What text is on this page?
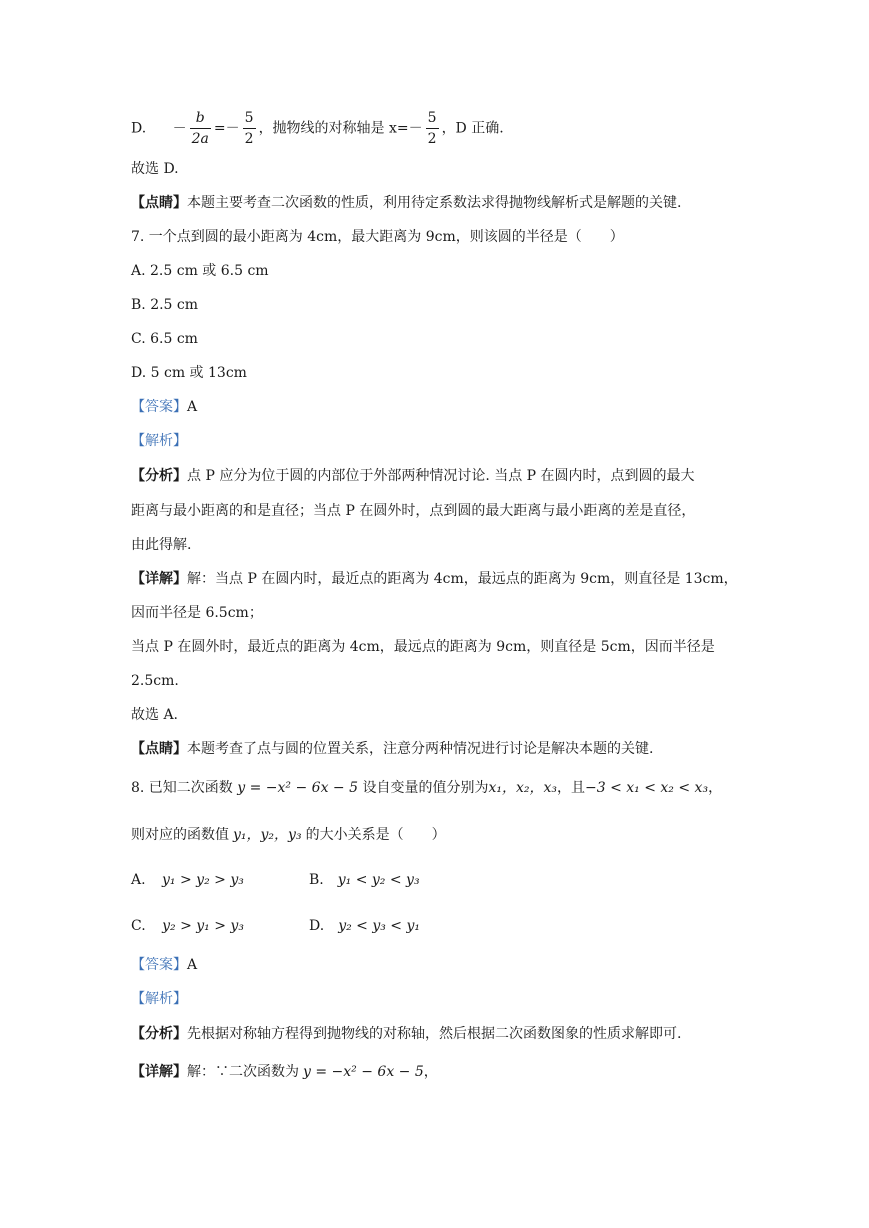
D. － $\frac{b}{2a} =- \frac{5}{2}$ ，抛物线的对称轴是 $x=- \frac{5}{2}$ ，D 正确.
故选 D.
【点睛】本题主要考查二次函数的性质，利用待定系数法求得抛物线解析式是解题的关键.
7. 一个点到圆的最小距离为 4cm，最大距离为 9cm，则该圆的半径是（　　）
A. 2.5 cm 或 6.5 cm
B. 2.5 cm
C. 6.5 cm
D. 5 cm 或 13cm
【答案】A
【解析】
【分析】点 P 应分为位于圆的内部位于外部两种情况讨论. 当点 P 在圆内时，点到圆的最大
距离与最小距离的和是直径；当点 P 在圆外时，点到圆的最大距离与最小距离的差是直径，
由此得解.
【详解】解：当点 P 在圆内时，最近点的距离为 4cm，最远点的距离为 9cm，则直径是 13cm，
因而半径是 6.5cm；
当点 P 在圆外时，最近点的距离为 4cm，最远点的距离为 9cm，则直径是 5cm，因而半径是
2.5cm.
故选 A.
【点睛】本题考查了点与圆的位置关系，注意分两种情况进行讨论是解决本题的关键.
8. 已知二次函数 y = −x² − 6x − 5 设自变量的值分别为x₁，x₂，x₃，且−3 < x₁ < x₂ < x₃，
则对应的函数值 y₁，y₂，y₃ 的大小关系是（　　）
A. y₁ > y₂ > y₃	B. y₁ < y₂ < y₃
C. y₂ > y₁ > y₃	D. y₂ < y₃ < y₁
【答案】A
【解析】
【分析】先根据对称轴方程得到抛物线的对称轴，然后根据二次函数图象的性质求解即可.
【详解】解：∵二次函数为 y = −x² − 6x − 5，
